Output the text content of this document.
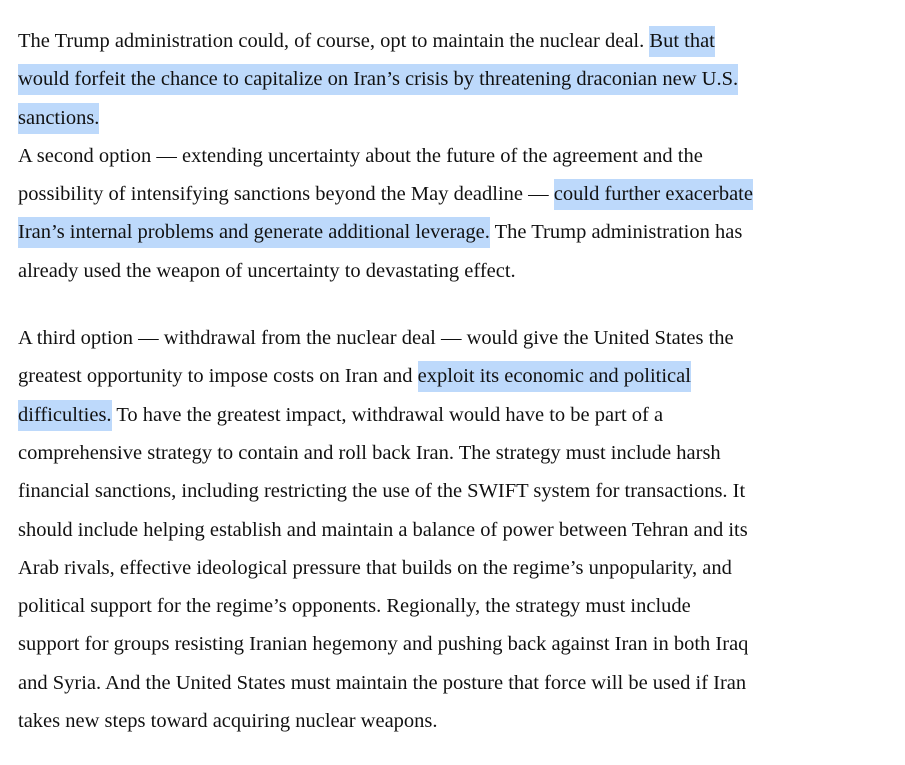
The Trump administration could, of course, opt to maintain the nuclear deal. But that
would forfeit the chance to capitalize on Iran’s crisis by threatening draconian new U.S.
sanctions.
A second option — extending uncertainty about the future of the agreement and the
possibility of intensifying sanctions beyond the May deadline — could further exacerbate
Iran’s internal problems and generate additional leverage. The Trump administration has
already used the weapon of uncertainty to devastating effect.
A third option — withdrawal from the nuclear deal — would give the United States the
greatest opportunity to impose costs on Iran and exploit its economic and political
difficulties. To have the greatest impact, withdrawal would have to be part of a
comprehensive strategy to contain and roll back Iran. The strategy must include harsh
financial sanctions, including restricting the use of the SWIFT system for transactions. It
should include helping establish and maintain a balance of power between Tehran and its
Arab rivals, effective ideological pressure that builds on the regime’s unpopularity, and
political support for the regime’s opponents. Regionally, the strategy must include
support for groups resisting Iranian hegemony and pushing back against Iran in both Iraq
and Syria. And the United States must maintain the posture that force will be used if Iran
takes new steps toward acquiring nuclear weapons.
